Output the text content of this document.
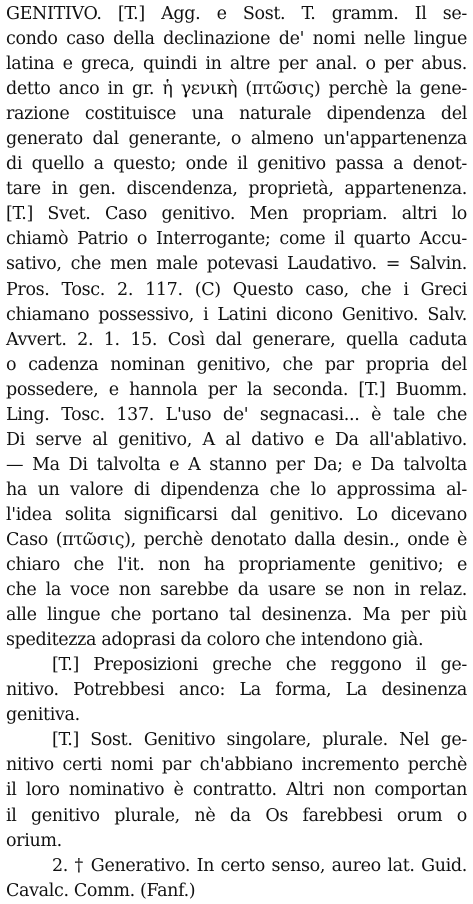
GENITIVO. [T.] Agg. e Sost. T. gramm. Il se-
condo caso della declinazione de' nomi nelle lingue
latina e greca, quindi in altre per anal. o per abus.
detto anco in gr. ἡ γενικὴ (πτῶσις) perchè la gene-
razione costituisce una naturale dipendenza del
generato dal generante, o almeno un'appartenenza
di quello a questo; onde il genitivo passa a denot-
tare in gen. discendenza, proprietà, appartenenza.
[T.] Svet. Caso genitivo. Men propriam. altri lo
chiamò Patrio o Interrogante; come il quarto Accu-
sativo, che men male potevasi Laudativo. = Salvin.
Pros. Tosc. 2. 117. (C) Questo caso, che i Greci
chiamano possessivo, i Latini dicono Genitivo. Salv.
Avvert. 2. 1. 15. Così dal generare, quella caduta
o cadenza nominan genitivo, che par propria del
possedere, e hannola per la seconda. [T.] Buomm.
Ling. Tosc. 137. L'uso de' segnacasi... è tale che
Di serve al genitivo, A al dativo e Da all'ablativo.
— Ma Di talvolta e A stanno per Da; e Da talvolta
ha un valore di dipendenza che lo approssima al-
l'idea solita significarsi dal genitivo. Lo dicevano
Caso (πτῶσις), perchè denotato dalla desin., onde è
chiaro che l'it. non ha propriamente genitivo; e
che la voce non sarebbe da usare se non in relaz.
alle lingue che portano tal desinenza. Ma per più
speditezza adoprasi da coloro che intendono già.
[T.] Preposizioni greche che reggono il ge-
nitivo. Potrebbesi anco: La forma, La desinenza
genitiva.
[T.] Sost. Genitivo singolare, plurale. Nel ge-
nitivo certi nomi par ch'abbiano incremento perchè
il loro nominativo è contratto. Altri non comportan
il genitivo plurale, nè da Os farebbesi orum o
orium.
2. † Generativo. In certo senso, aureo lat. Guid.
Cavalc. Comm. (Fanf.)
